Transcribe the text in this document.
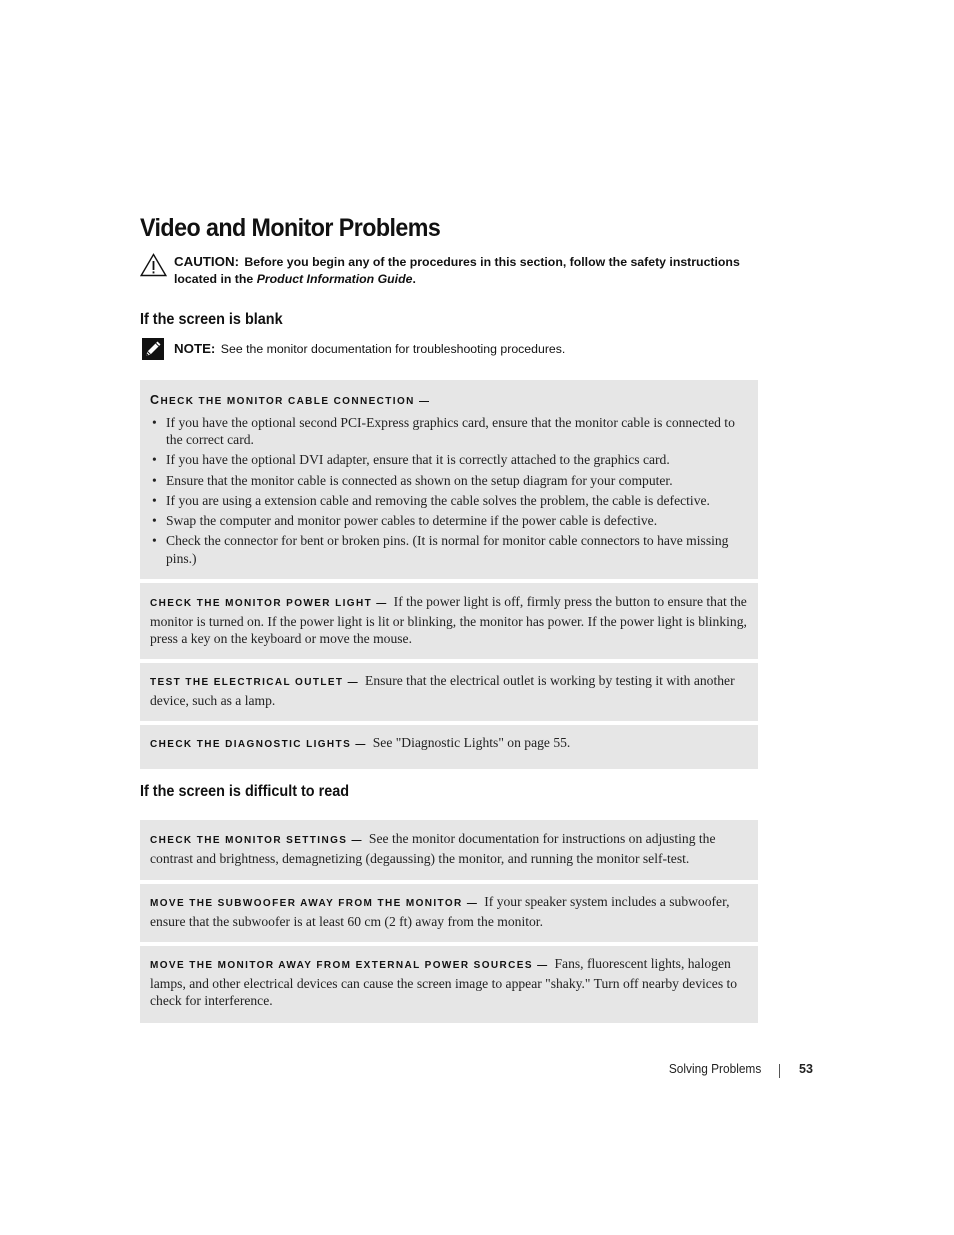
Video and Monitor Problems
CAUTION: Before you begin any of the procedures in this section, follow the safety instructions located in the Product Information Guide.
If the screen is blank
NOTE: See the monitor documentation for troubleshooting procedures.
CHECK THE MONITOR CABLE CONNECTION —
• If you have the optional second PCI-Express graphics card, ensure that the monitor cable is connected to the correct card.
• If you have the optional DVI adapter, ensure that it is correctly attached to the graphics card.
• Ensure that the monitor cable is connected as shown on the setup diagram for your computer.
• If you are using a extension cable and removing the cable solves the problem, the cable is defective.
• Swap the computer and monitor power cables to determine if the power cable is defective.
• Check the connector for bent or broken pins. (It is normal for monitor cable connectors to have missing pins.)
CHECK THE MONITOR POWER LIGHT — If the power light is off, firmly press the button to ensure that the monitor is turned on. If the power light is lit or blinking, the monitor has power. If the power light is blinking, press a key on the keyboard or move the mouse.
TEST THE ELECTRICAL OUTLET — Ensure that the electrical outlet is working by testing it with another device, such as a lamp.
CHECK THE DIAGNOSTIC LIGHTS — See "Diagnostic Lights" on page 55.
If the screen is difficult to read
CHECK THE MONITOR SETTINGS — See the monitor documentation for instructions on adjusting the contrast and brightness, demagnetizing (degaussing) the monitor, and running the monitor self-test.
MOVE THE SUBWOOFER AWAY FROM THE MONITOR — If your speaker system includes a subwoofer, ensure that the subwoofer is at least 60 cm (2 ft) away from the monitor.
MOVE THE MONITOR AWAY FROM EXTERNAL POWER SOURCES — Fans, fluorescent lights, halogen lamps, and other electrical devices can cause the screen image to appear "shaky." Turn off nearby devices to check for interference.
Solving Problems	53
